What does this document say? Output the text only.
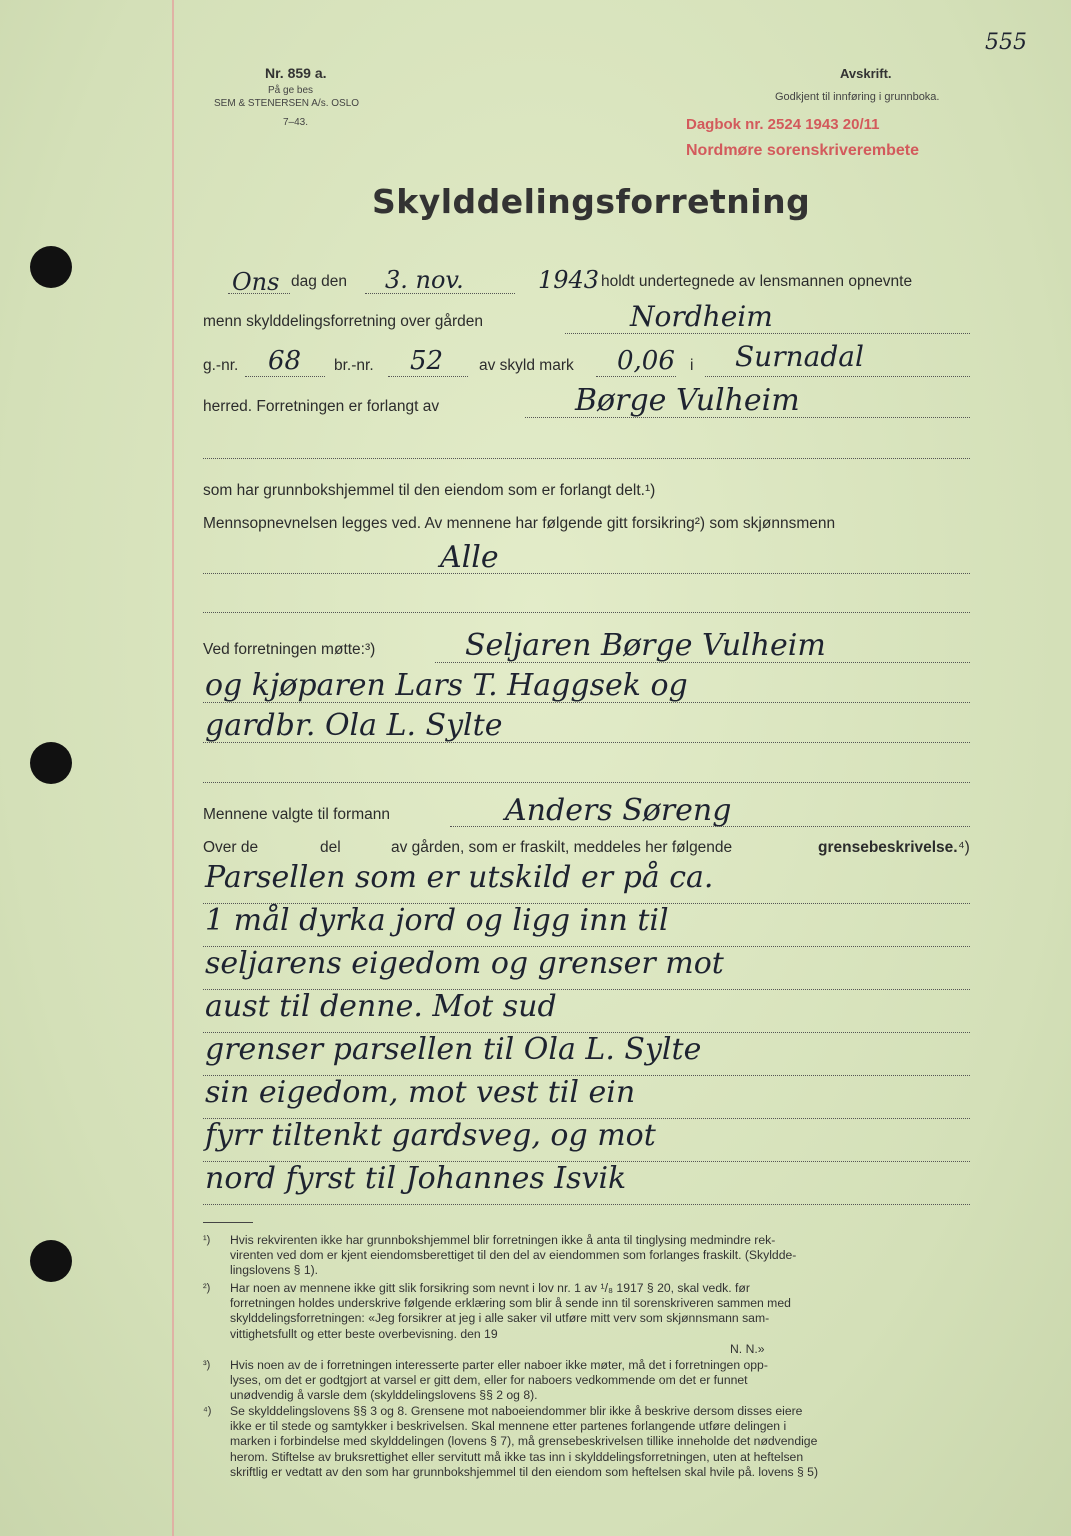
555
Nr. 859 a.
På ge bes
SEM & STENERSEN A/s. OSLO
7–43.
Avskrift.
Godkjent til innføring i grunnboka.
Dagbok nr. 2524 1943 20/11
Nordmøre sorenskriverembete
Skylddelingsforretning
Ons dag den 3. nov.	1943 holdt undertegnede av lensmannen opnevnte
menn skylddelingsforretning over gården	Nordheim
g.-nr. 68 br.-nr. 52 av skyld mark 0,06 i Surnadal
herred. Forretningen er forlangt av	Børge Vulheim
som har grunnbokshjemmel til den eiendom som er forlangt delt.¹)
Mennsopnevnelsen legges ved. Av mennene har følgende gitt forsikring²) som skjønnsmenn
Alle
Ved forretningen møtte:³)	Seljaren Børge Vulheim
og kjøparen Lars T. Haggsek og
gardbr. Ola L. Sylte
Mennene valgte til formann	Anders Søreng
Over de	del	av gården, som er fraskilt, meddeles her følgende	grensebeskrivelse. ⁴)
Parsellen som er utskild er på ca.
1 mål dyrka jord og ligg inn til
seljarens eigedom og grenser mot
aust til denne. Mot sud
grenser parsellen til Ola L. Sylte
sin eigedom, mot vest til ein
fyrr tiltenkt gardsveg, og mot
nord fyrst til Johannes Isvik
¹) Hvis rekvirenten ikke har grunnbokshjemmel blir forretningen ikke å anta til tinglysing medmindre rek-
virenten ved dom er kjent eiendomsberettiget til den del av eiendommen som forlanges fraskilt. (Skyldde-
lingslovens § 1).
²) Har noen av mennene ikke gitt slik forsikring som nevnt i lov nr. 1 av ¹/₈ 1917 § 20, skal vedk. før
forretningen holdes underskrive følgende erklæring som blir å sende inn til sorenskriveren sammen med
skylddelingsforretningen: «Jeg forsikrer at jeg i alle saker vil utføre mitt verv som skjønnsmann sam-
vittighetsfullt og etter beste overbevisning. den 19
N. N.»
³) Hvis noen av de i forretningen interesserte parter eller naboer ikke møter, må det i forretningen opp-
lyses, om det er godtgjort at varsel er gitt dem, eller for naboers vedkommende om det er funnet
unødvendig å varsle dem (skylddelingslovens §§ 2 og 8).
⁴) Se skylddelingslovens §§ 3 og 8. Grensene mot naboeiendommer blir ikke å beskrive dersom disses eiere
ikke er til stede og samtykker i beskrivelsen. Skal mennene etter partenes forlangende utføre delingen i
marken i forbindelse med skylddelingen (lovens § 7), må grensebeskrivelsen tillike inneholde det nødvendige
herom. Stiftelse av bruksrettighet eller servitutt må ikke tas inn i skylddelingsforretningen, uten at heftelsen
skriftlig er vedtatt av den som har grunnbokshjemmel til den eiendom som heftelsen skal hvile på. lovens § 5)
